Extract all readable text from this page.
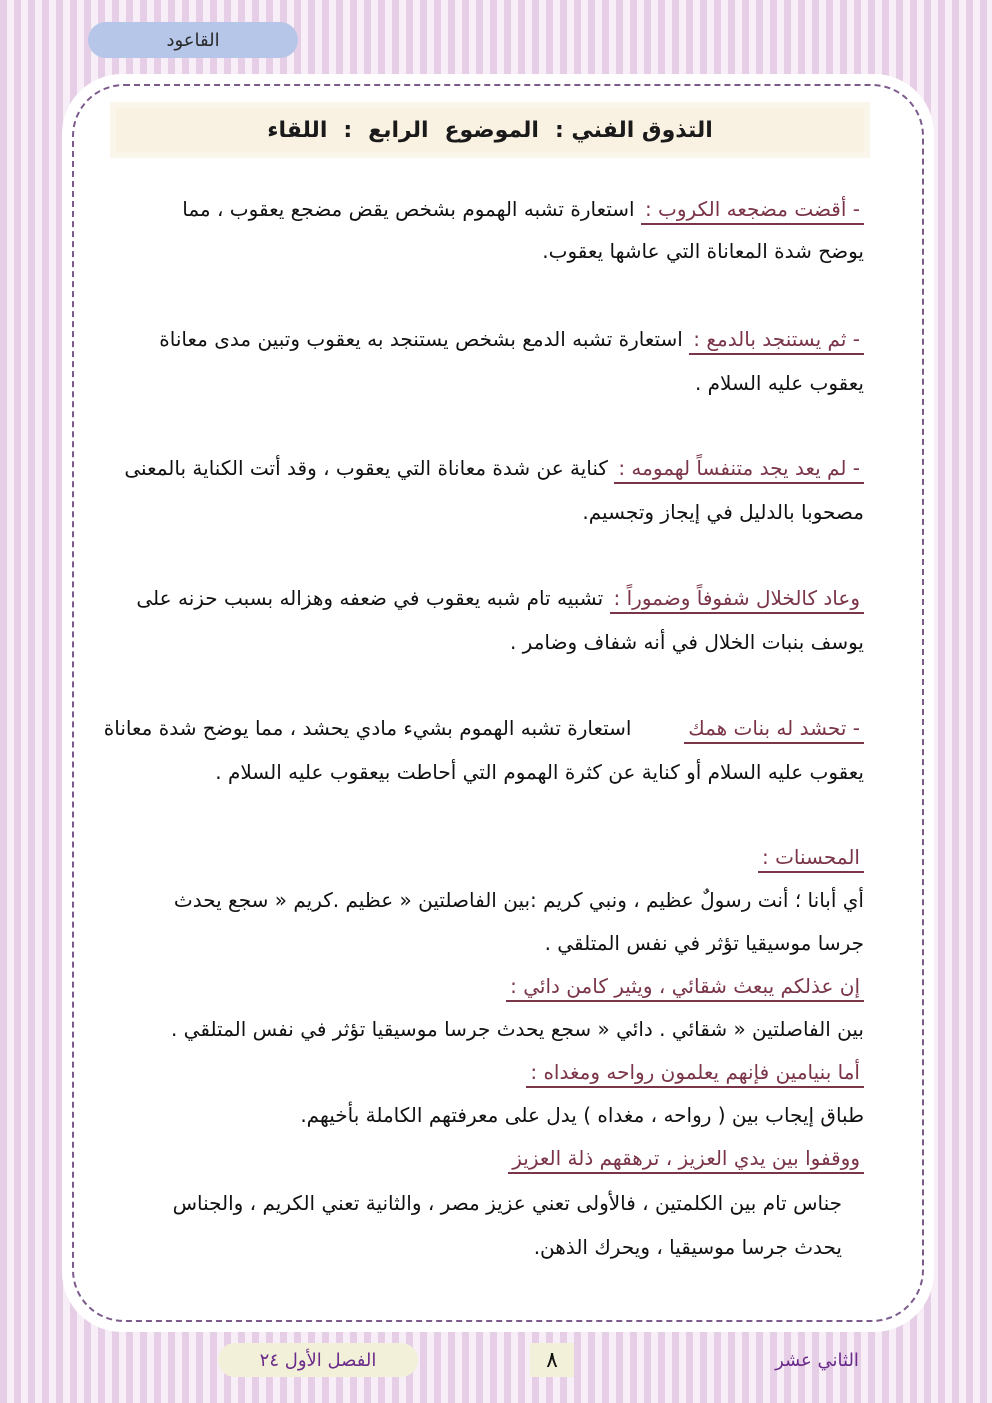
القاعود
التذوق الفني :
الموضوع
الرابع
:
اللقاء
- أقضت مضجعه الكروب : استعارة تشبه الهموم بشخص يقض مضجع يعقوب ، مما
يوضح شدة المعاناة التي عاشها يعقوب.
- ثم يستنجد بالدمع : استعارة تشبه الدمع بشخص يستنجد به يعقوب وتبين مدى معاناة
يعقوب عليه السلام .
- لم يعد يجد متنفساً لهمومه : كناية عن شدة معاناة التي يعقوب ، وقد أتت الكناية بالمعنى
مصحوبا بالدليل في إيجاز وتجسيم.
وعاد كالخلال شفوفاً وضموراً : تشبيه تام شبه يعقوب في ضعفه وهزاله بسبب حزنه على
يوسف بنبات الخلال في أنه شفاف وضامر .
- تحشد له بنات همك  استعارة تشبه الهموم بشيء مادي يحشد ، مما يوضح شدة معاناة
يعقوب عليه السلام أو كناية عن كثرة الهموم التي أحاطت بيعقوب عليه السلام .
المحسنات :
أي أبانا ؛ أنت رسولٌ عظيم ، ونبي كريم :بين الفاصلتين « عظيم .كريم « سجع يحدث
جرسا موسيقيا تؤثر في نفس المتلقي .
إن عذلكم يبعث شقائي ، ويثير كامن دائي :
بين الفاصلتين « شقائي . دائي « سجع يحدث جرسا موسيقيا تؤثر في نفس المتلقي .
أما بنيامين فإنهم يعلمون رواحه ومغداه :
طباق إيجاب بين ( رواحه ، مغداه ) يدل على معرفتهم الكاملة بأخيهم.
ووقفوا بين يدي العزيز ، ترهقهم ذلة العزيز
جناس تام بين الكلمتين ، فالأولى تعني عزيز مصر ، والثانية تعني الكريم ، والجناس
يحدث جرسا موسيقيا ، ويحرك الذهن.
الفصل الأول ٢٤	٨	الثاني عشر
